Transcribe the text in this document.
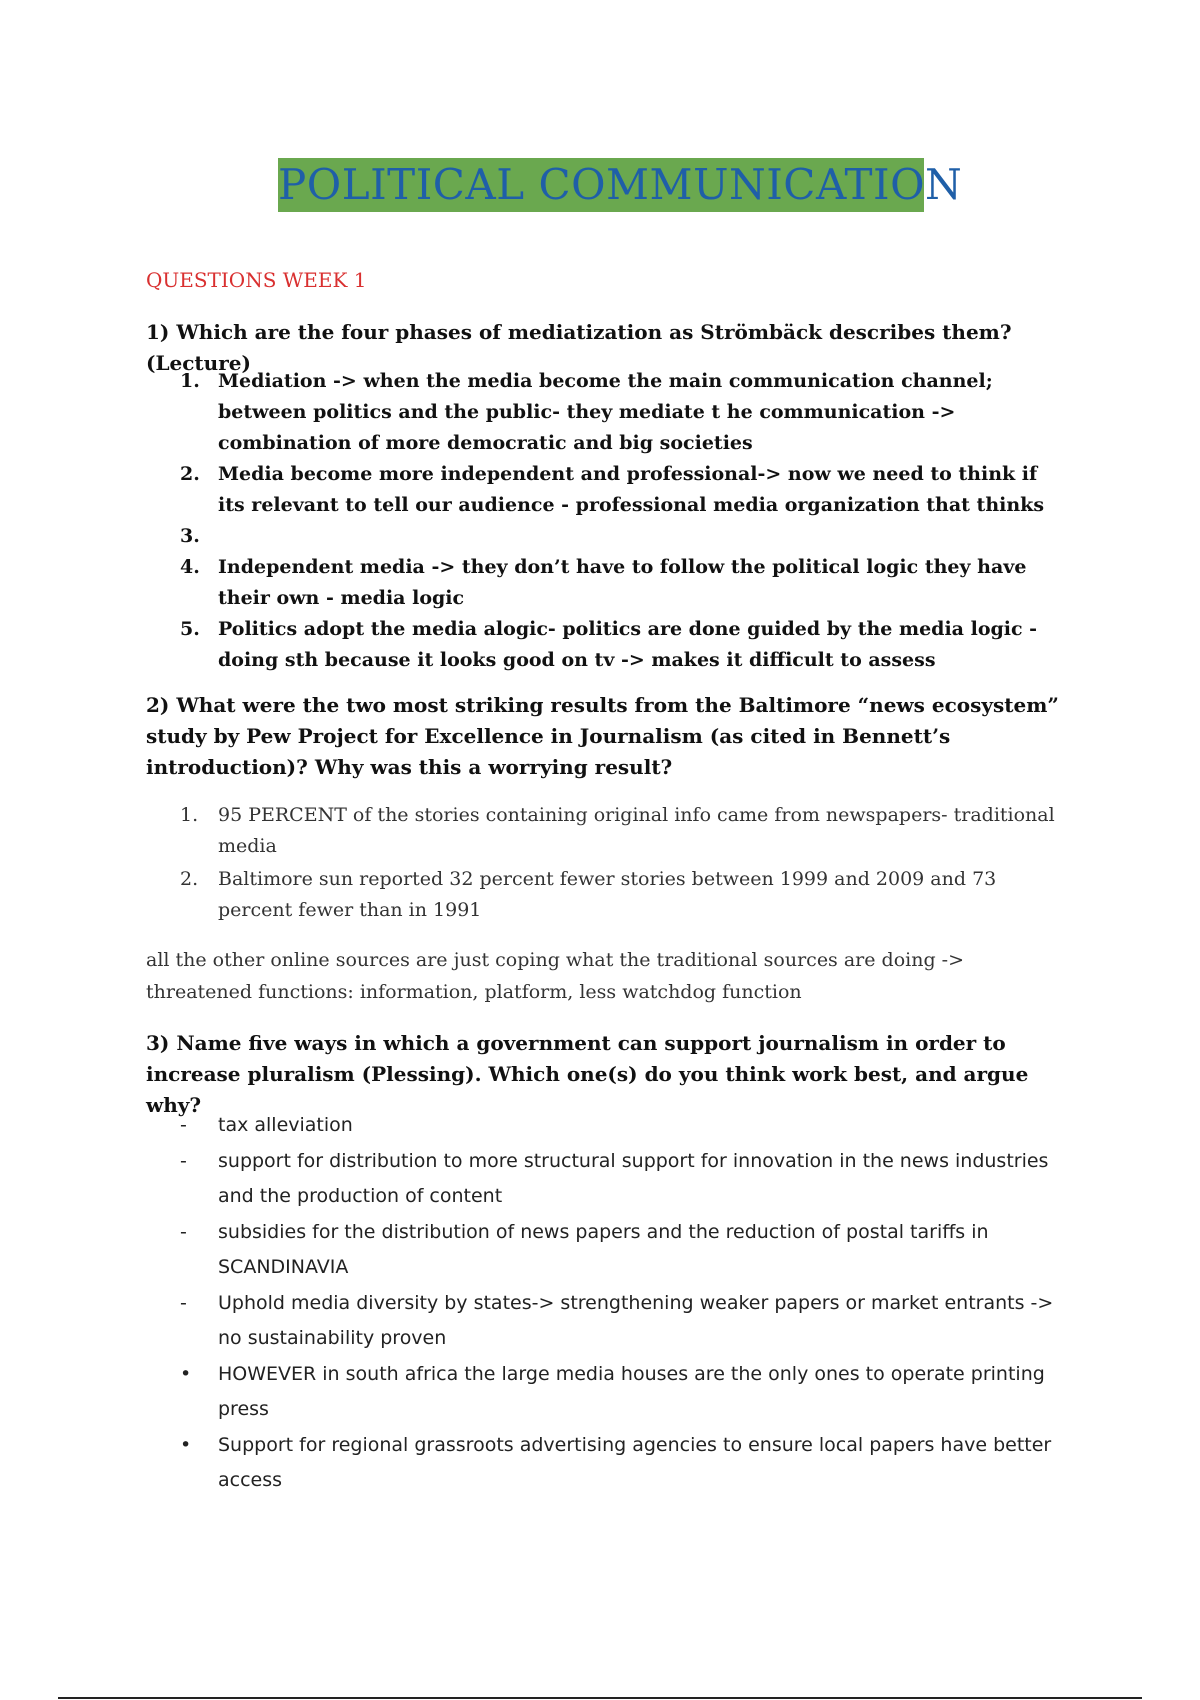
POLITICAL COMMUNICATION
QUESTIONS WEEK 1
1) Which are the four phases of mediatization as Strömbäck describes them? (Lecture)
1. Mediation -> when the media become the main communication channel; between politics and the public- they mediate t he communication -> combination of more democratic and big societies
2. Media become more independent and professional-> now we need to think if its relevant to tell our audience - professional media organization that thinks
3.
4. Independent media -> they don’t have to follow the political logic they have their own - media logic
5. Politics adopt the media alogic- politics are done guided by the media logic - doing sth because it looks good on tv -> makes it difficult to assess
2) What were the two most striking results from the Baltimore “news ecosystem” study by Pew Project for Excellence in Journalism (as cited in Bennett’s introduction)? Why was this a worrying result?
1. 95 PERCENT of the stories containing original info came from newspapers- traditional media
2. Baltimore sun reported 32 percent fewer stories between 1999 and 2009 and 73 percent fewer than in 1991
all the other online sources are just coping what the traditional sources are doing -> threatened functions: information, platform, less watchdog function
3) Name five ways in which a government can support journalism in order to increase pluralism (Plessing). Which one(s) do you think work best, and argue why?
- tax alleviation
- support for distribution to more structural support for innovation in the news industries and the production of content
- subsidies for the distribution of news papers and the reduction of postal tariffs in SCANDINAVIA
- Uphold media diversity by states-> strengthening weaker papers or market entrants -> no sustainability proven
• HOWEVER in south africa the large media houses are the only ones to operate printing press
• Support for regional grassroots advertising agencies to ensure local papers have better access
